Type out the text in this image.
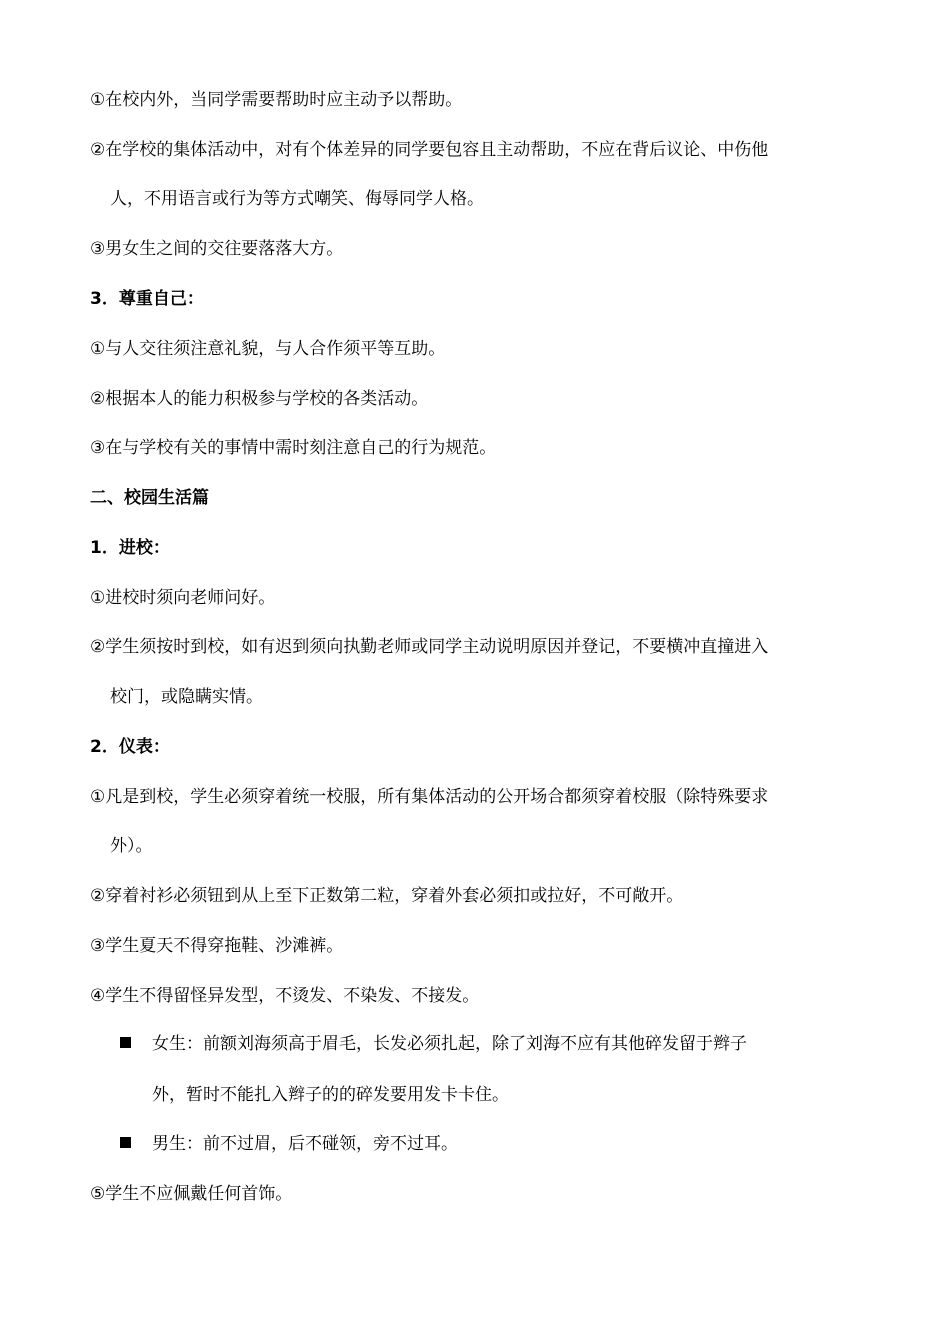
①在校内外，当同学需要帮助时应主动予以帮助。
②在学校的集体活动中，对有个体差异的同学要包容且主动帮助，不应在背后议论、中伤他
人，不用语言或行为等方式嘲笑、侮辱同学人格。
③男女生之间的交往要落落大方。
3．尊重自己：
①与人交往须注意礼貌，与人合作须平等互助。
②根据本人的能力积极参与学校的各类活动。
③在与学校有关的事情中需时刻注意自己的行为规范。
二、校园生活篇
1．进校：
①进校时须向老师问好。
②学生须按时到校，如有迟到须向执勤老师或同学主动说明原因并登记，不要横冲直撞进入
校门，或隐瞒实情。
2．仪表：
①凡是到校，学生必须穿着统一校服，所有集体活动的公开场合都须穿着校服（除特殊要求
外）。
②穿着衬衫必须钮到从上至下正数第二粒，穿着外套必须扣或拉好，不可敞开。
③学生夏天不得穿拖鞋、沙滩裤。
④学生不得留怪异发型，不烫发、不染发、不接发。
女生：前额刘海须高于眉毛，长发必须扎起，除了刘海不应有其他碎发留于辫子
外，暂时不能扎入辫子的的碎发要用发卡卡住。
男生：前不过眉，后不碰领，旁不过耳。
⑤学生不应佩戴任何首饰。
